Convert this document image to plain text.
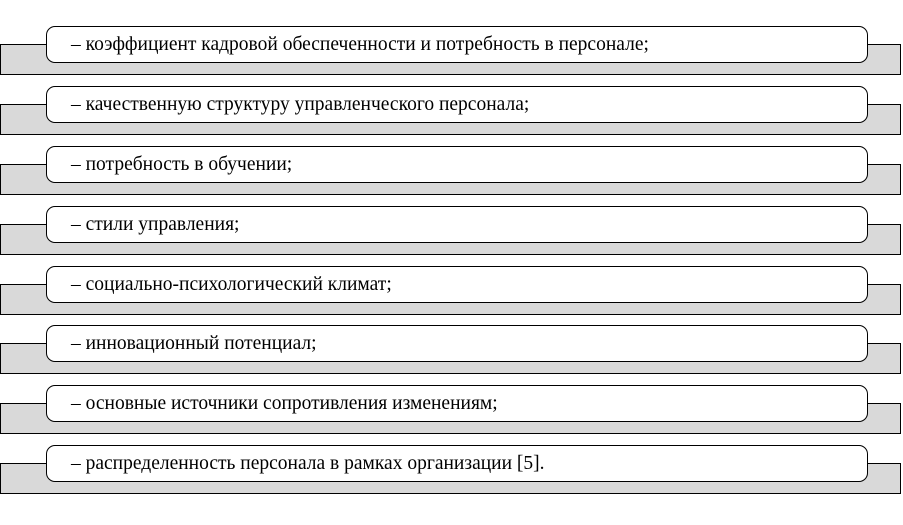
– коэффициент кадровой обеспеченности и потребность в персонале;
– качественную структуру управленческого персонала;
– потребность в обучении;
– стили управления;
– социально-психологический климат;
– инновационный потенциал;
– основные источники сопротивления изменениям;
– распределенность персонала в рамках организации [5].
